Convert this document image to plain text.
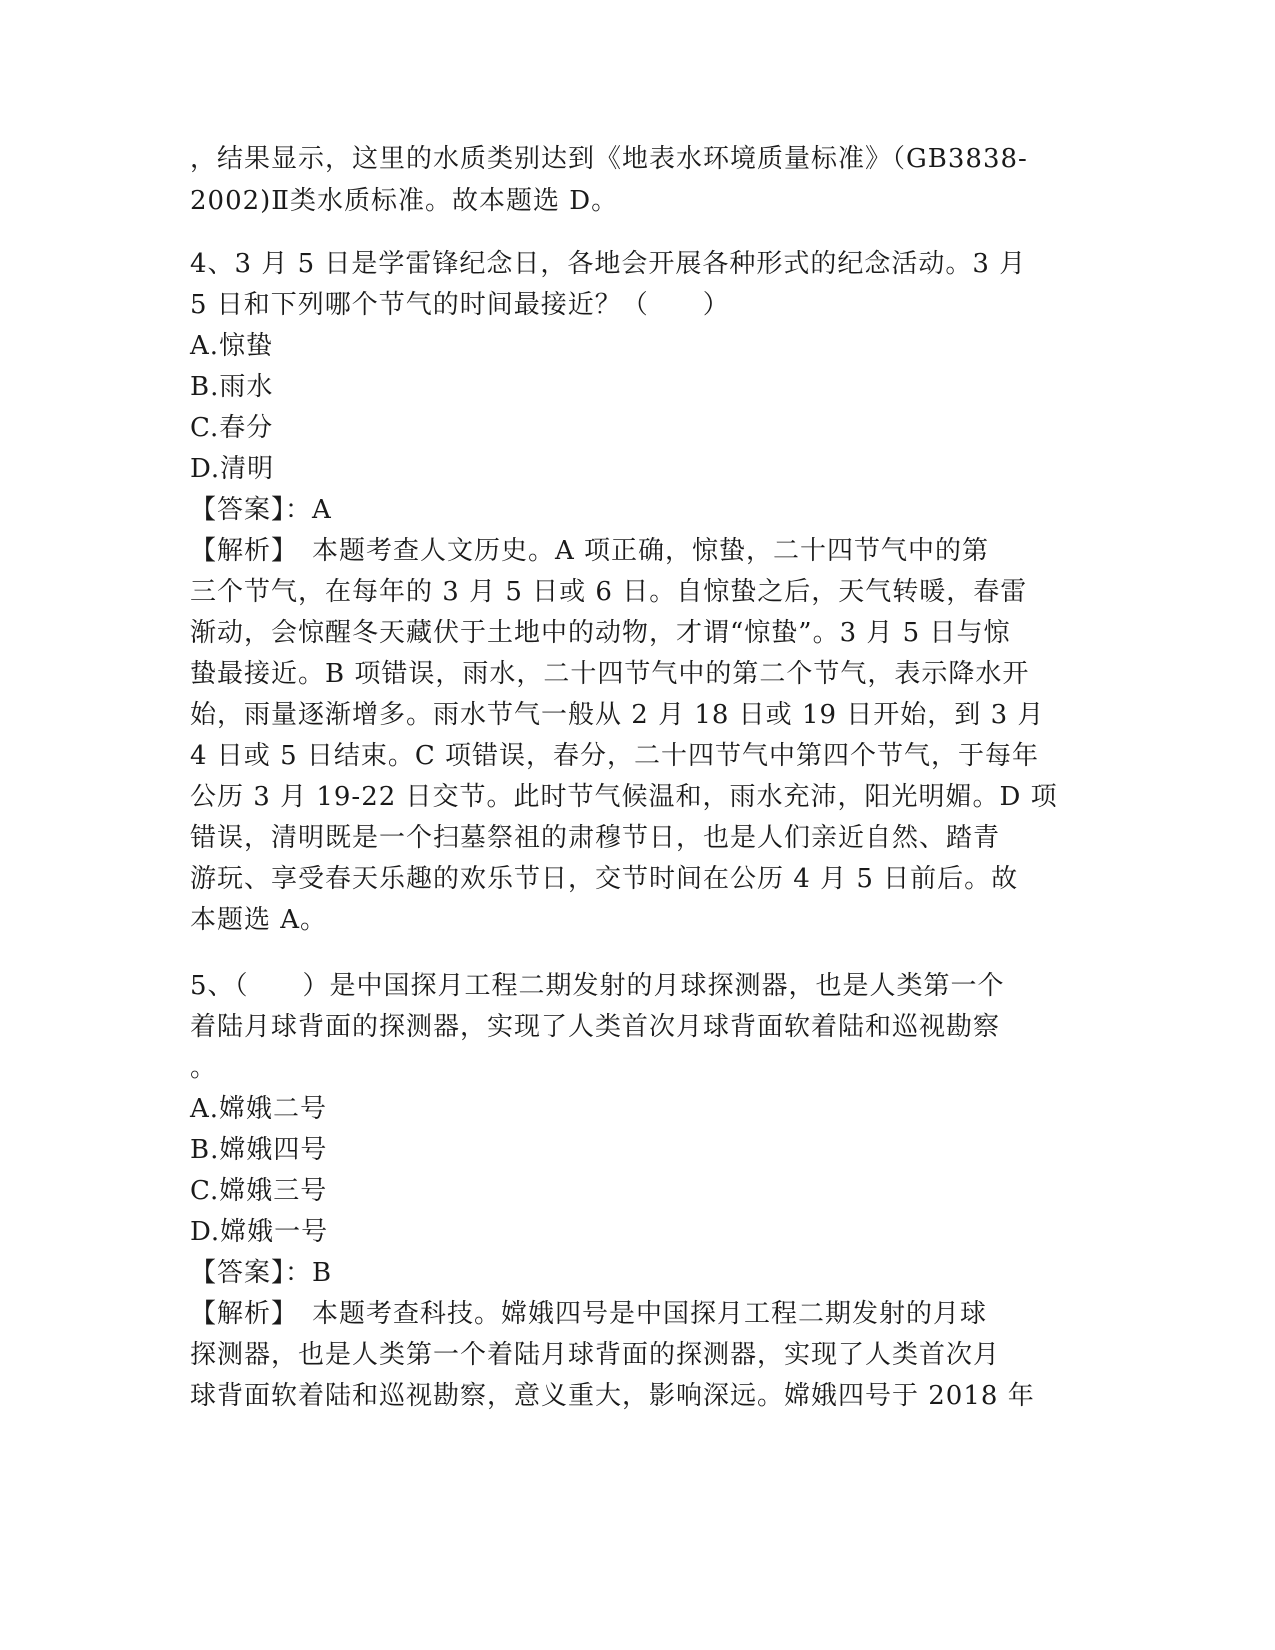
，结果显示，这里的水质类别达到《地表水环境质量标准》（GB3838-
2002)Ⅱ类水质标准。故本题选 D。
4、3 月 5 日是学雷锋纪念日，各地会开展各种形式的纪念活动。3 月
5 日和下列哪个节气的时间最接近？（　　）
A.惊蛰
B.雨水
C.春分
D.清明
【答案】：A
【解析】　本题考查人文历史。A 项正确，惊蛰，二十四节气中的第
三个节气，在每年的 3 月 5 日或 6 日。自惊蛰之后，天气转暖，春雷
渐动，会惊醒冬天藏伏于土地中的动物，才谓“惊蛰”。3 月 5 日与惊
蛰最接近。B 项错误，雨水，二十四节气中的第二个节气，表示降水开
始，雨量逐渐增多。雨水节气一般从 2 月 18 日或 19 日开始，到 3 月
4 日或 5 日结束。C 项错误，春分，二十四节气中第四个节气，于每年
公历 3 月 19-22 日交节。此时节气候温和，雨水充沛，阳光明媚。D 项
错误，清明既是一个扫墓祭祖的肃穆节日，也是人们亲近自然、踏青
游玩、享受春天乐趣的欢乐节日，交节时间在公历 4 月 5 日前后。故
本题选 A。
5、（　　）是中国探月工程二期发射的月球探测器，也是人类第一个
着陆月球背面的探测器，实现了人类首次月球背面软着陆和巡视勘察
。
A.嫦娥二号
B.嫦娥四号
C.嫦娥三号
D.嫦娥一号
【答案】：B
【解析】　本题考查科技。嫦娥四号是中国探月工程二期发射的月球
探测器，也是人类第一个着陆月球背面的探测器，实现了人类首次月
球背面软着陆和巡视勘察，意义重大，影响深远。嫦娥四号于 2018 年
